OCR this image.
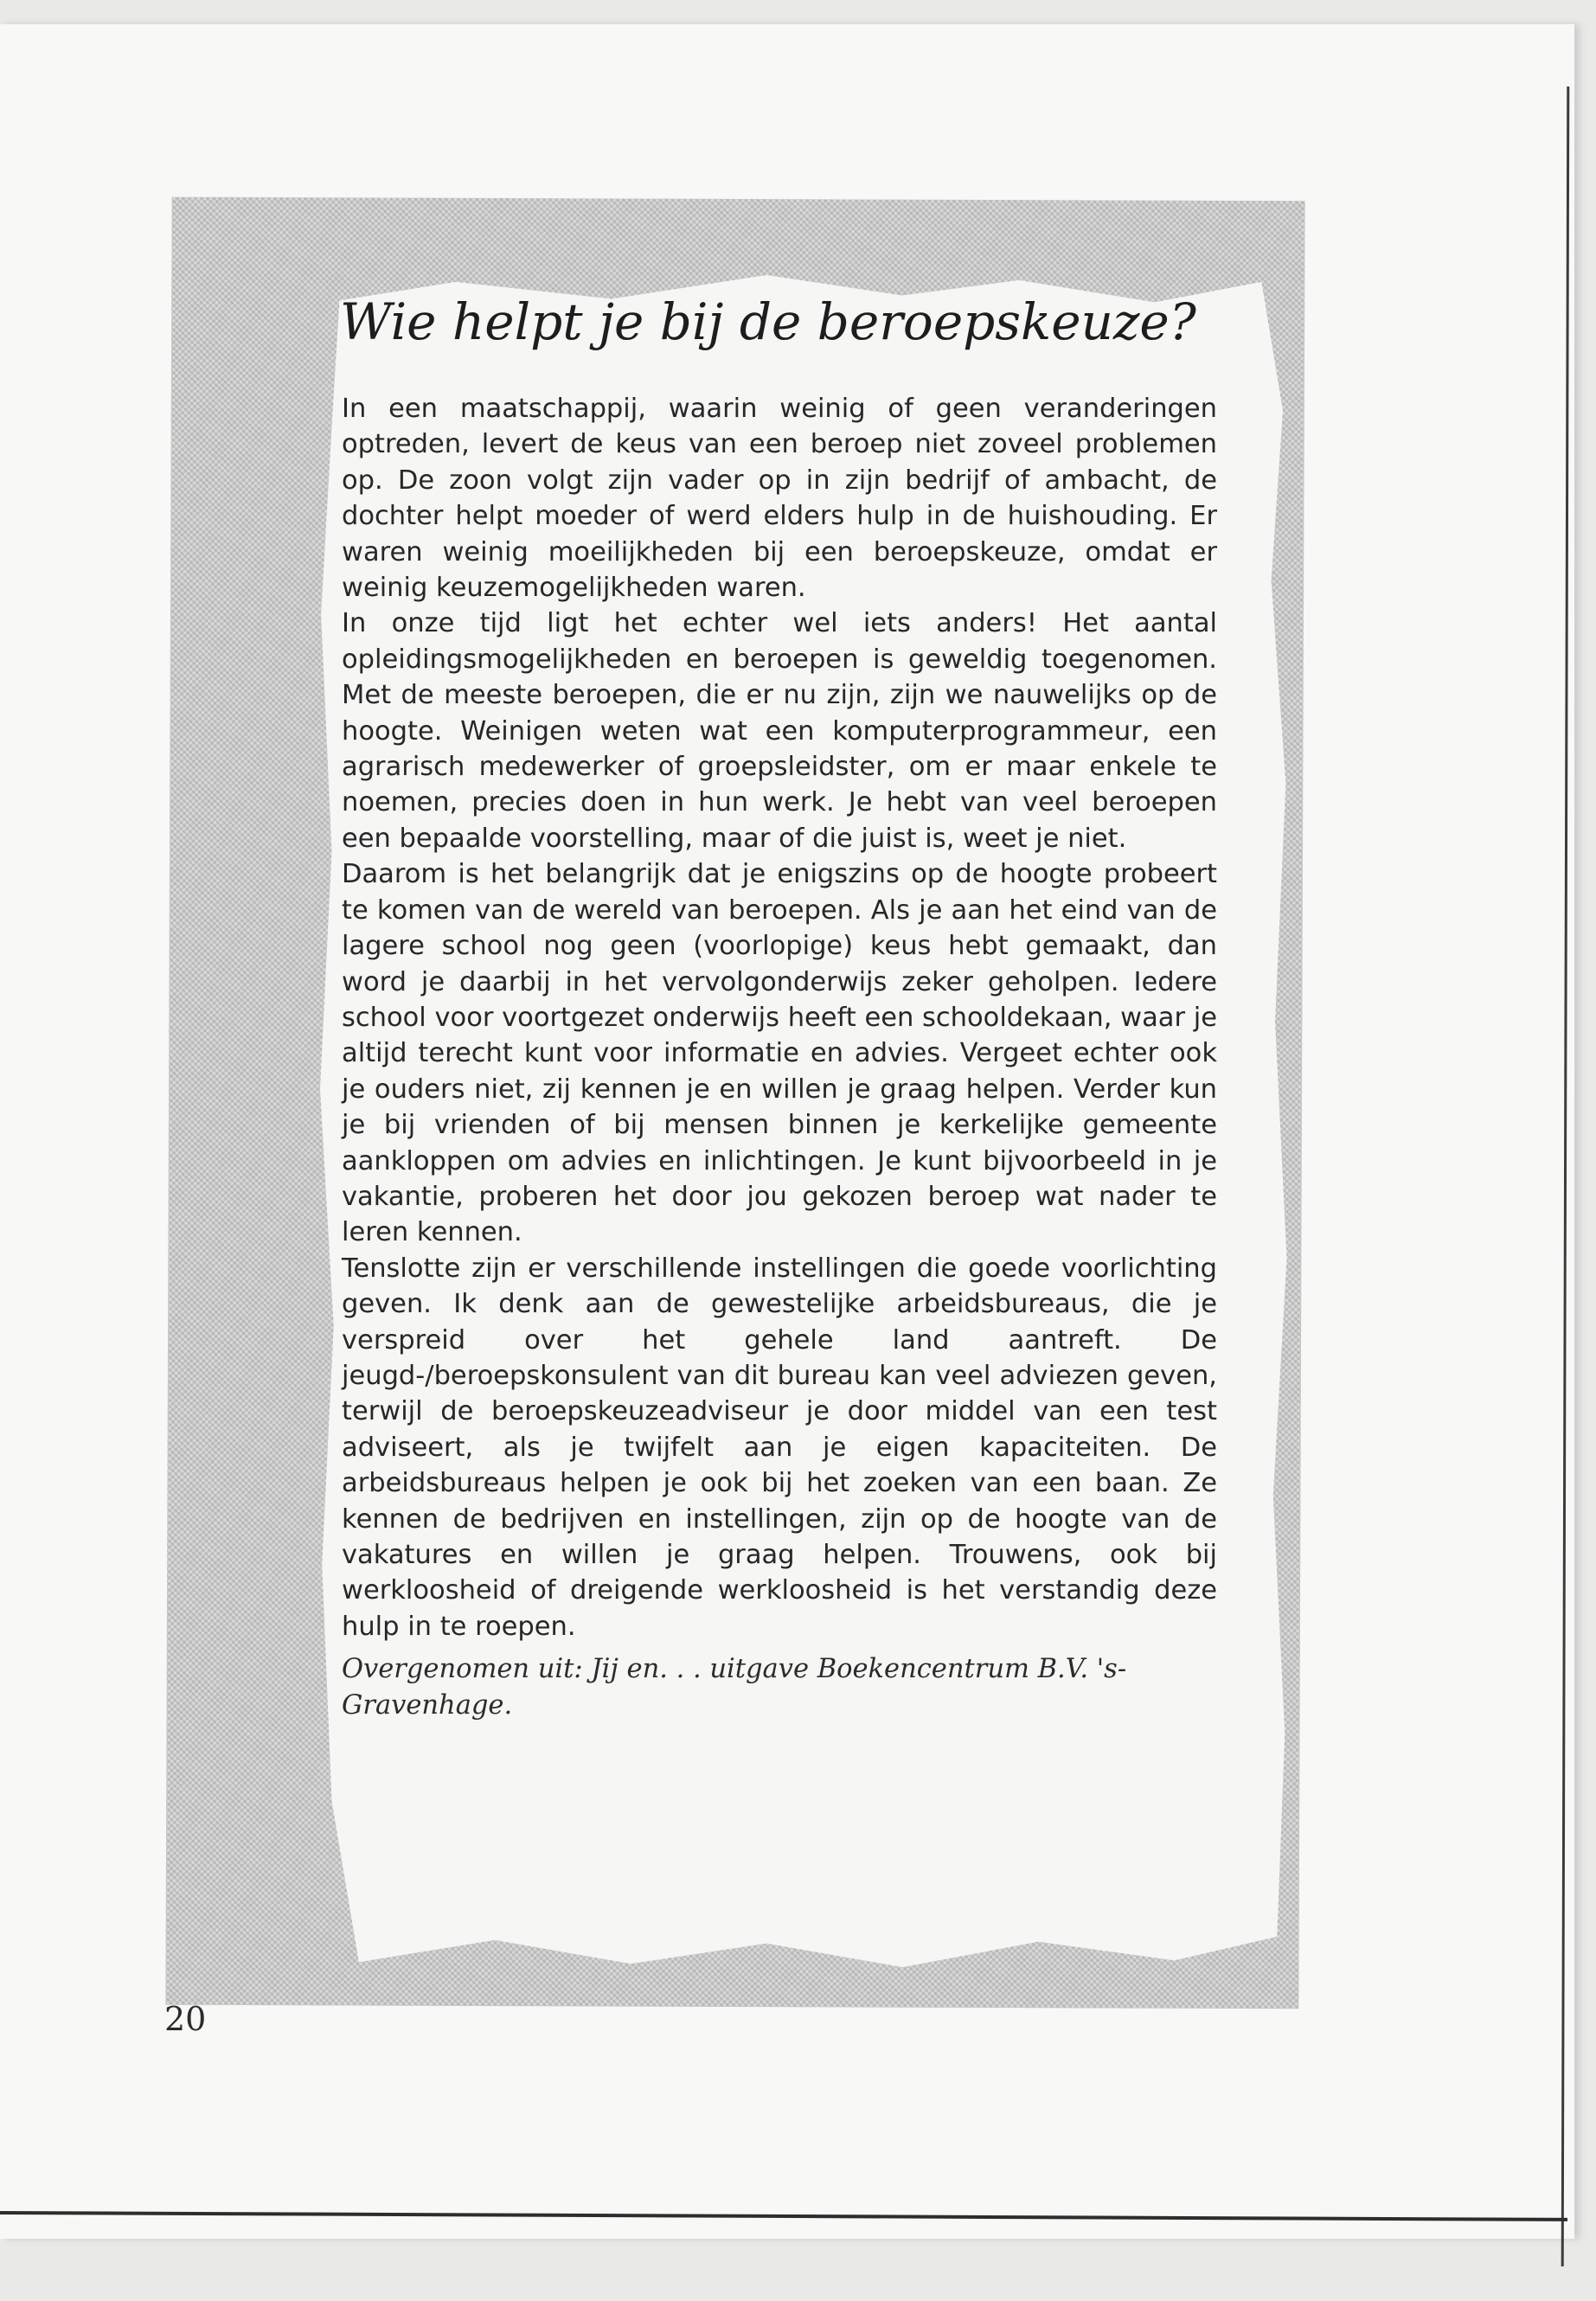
Wie helpt je bij de beroepskeuze?

In een maatschappij, waarin weinig of geen veranderingen optreden, levert de keus van een beroep niet zoveel problemen op. De zoon volgt zijn vader op in zijn bedrijf of ambacht, de dochter helpt moeder of werd elders hulp in de huishouding. Er waren weinig moeilijkheden bij een beroepskeuze, omdat er weinig keuzemogelijkheden waren.

In onze tijd ligt het echter wel iets anders! Het aantal opleidingsmogelijkheden en beroepen is geweldig toegenomen. Met de meeste beroepen, die er nu zijn, zijn we nauwelijks op de hoogte. Weinigen weten wat een komputerprogrammeur, een agrarisch medewerker of groepsleidster, om er maar enkele te noemen, precies doen in hun werk. Je hebt van veel beroepen een bepaalde voorstelling, maar of die juist is, weet je niet.

Daarom is het belangrijk dat je enigszins op de hoogte probeert te komen van de wereld van beroepen. Als je aan het eind van de lagere school nog geen (voorlopige) keus hebt gemaakt, dan word je daarbij in het vervolgonderwijs zeker geholpen. Iedere school voor voortgezet onderwijs heeft een schooldekaan, waar je altijd terecht kunt voor informatie en advies. Vergeet echter ook je ouders niet, zij kennen je en willen je graag helpen. Verder kun je bij vrienden of bij mensen binnen je kerkelijke gemeente aankloppen om advies en inlichtingen. Je kunt bijvoorbeeld in je vakantie, proberen het door jou gekozen beroep wat nader te leren kennen.

Tenslotte zijn er verschillende instellingen die goede voorlichting geven. Ik denk aan de gewestelijke arbeidsbureaus, die je verspreid over het gehele land aantreft. De jeugd-/beroepskonsulent van dit bureau kan veel adviezen geven, terwijl de beroepskeuzeadviseur je door middel van een test adviseert, als je twijfelt aan je eigen kapaciteiten. De arbeidsbureaus helpen je ook bij het zoeken van een baan. Ze kennen de bedrijven en instellingen, zijn op de hoogte van de vakatures en willen je graag helpen. Trouwens, ook bij werkloosheid of dreigende werkloosheid is het verstandig deze hulp in te roepen.

Overgenomen uit: Jij en. . . uitgave Boekencentrum B.V. 's-Gravenhage.
20
